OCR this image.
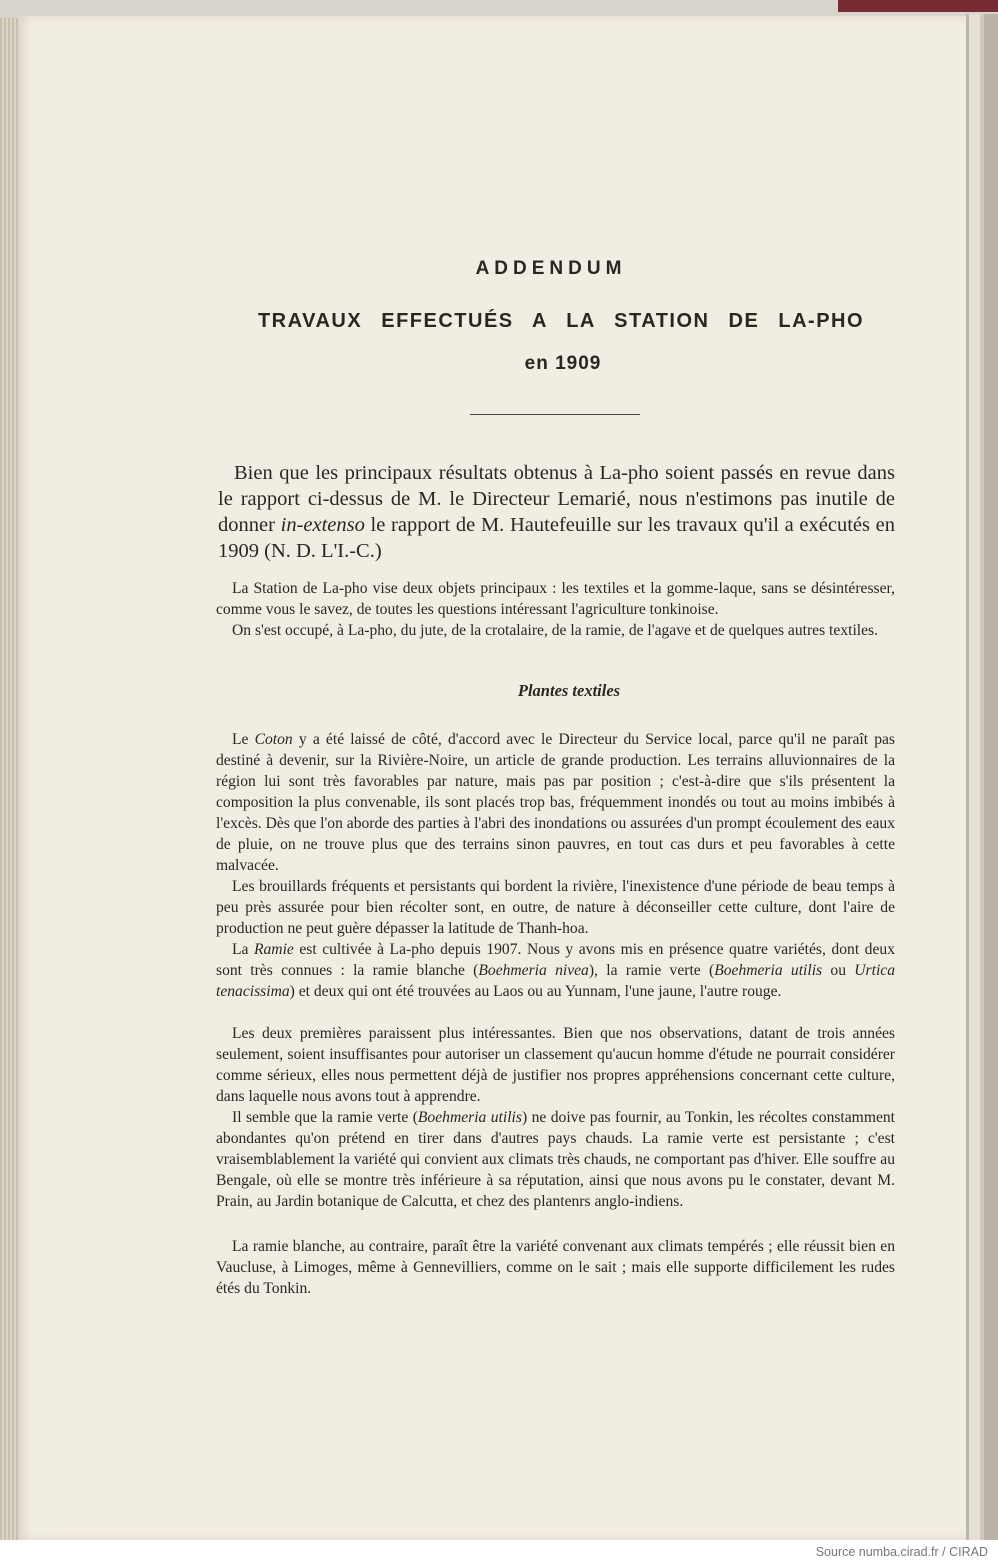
ADDENDUM
TRAVAUX EFFECTUÉS A LA STATION DE LA-PHO
en 1909

Bien que les principaux résultats obtenus à La-pho soient passés en revue dans le rapport ci-dessus de M. le Directeur Lemarié, nous n'estimons pas inutile de donner in-extenso le rapport de M. Hautefeuille sur les travaux qu'il a exécutés en 1909 (N. D. L'I.-C.)

La Station de La-pho vise deux objets principaux : les textiles et la gomme-laque, sans se désintéresser, comme vous le savez, de toutes les questions intéressant l'agriculture tonkinoise.

On s'est occupé, à La-pho, du jute, de la crotalaire, de la ramie, de l'agave et de quelques autres textiles.

Plantes textiles

Le Coton y a été laissé de côté, d'accord avec le Directeur du Service local, parce qu'il ne paraît pas destiné à devenir, sur la Rivière-Noire, un article de grande production. Les terrains alluvionnaires de la région lui sont très favorables par nature, mais pas par position ; c'est-à-dire que s'ils présentent la composition la plus convenable, ils sont placés trop bas, fréquemment inondés ou tout au moins imbibés à l'excès. Dès que l'on aborde des parties à l'abri des inondations ou assurées d'un prompt écoulement des eaux de pluie, on ne trouve plus que des terrains sinon pauvres, en tout cas durs et peu favorables à cette malvacée.

Les brouillards fréquents et persistants qui bordent la rivière, l'inexistence d'une période de beau temps à peu près assurée pour bien récolter sont, en outre, de nature à déconseiller cette culture, dont l'aire de production ne peut guère dépasser la latitude de Thanh-hoa.

La Ramie est cultivée à La-pho depuis 1907. Nous y avons mis en présence quatre variétés, dont deux sont très connues : la ramie blanche (Boehmeria nivea), la ramie verte (Boehmeria utilis ou Urtica tenacissima) et deux qui ont été trouvées au Laos ou au Yunnam, l'une jaune, l'autre rouge.

Les deux premières paraissent plus intéressantes. Bien que nos observations, datant de trois années seulement, soient insuffisantes pour autoriser un classement qu'aucun homme d'étude ne pourrait considérer comme sérieux, elles nous permettent déjà de justifier nos propres appréhensions concernant cette culture, dans laquelle nous avons tout à apprendre.

Il semble que la ramie verte (Boehmeria utilis) ne doive pas fournir, au Tonkin, les récoltes constamment abondantes qu'on prétend en tirer dans d'autres pays chauds. La ramie verte est persistante ; c'est vraisemblablement la variété qui convient aux climats très chauds, ne comportant pas d'hiver. Elle souffre au Bengale, où elle se montre très inférieure à sa réputation, ainsi que nous avons pu le constater, devant M. Prain, au Jardin botanique de Calcutta, et chez des plantenrs anglo-indiens.

La ramie blanche, au contraire, paraît être la variété convenant aux climats tempérés ; elle réussit bien en Vaucluse, à Limoges, même à Gennevilliers, comme on le sait ; mais elle supporte difficilement les rudes étés du Tonkin.

Source numba.cirad.fr / CIRAD
